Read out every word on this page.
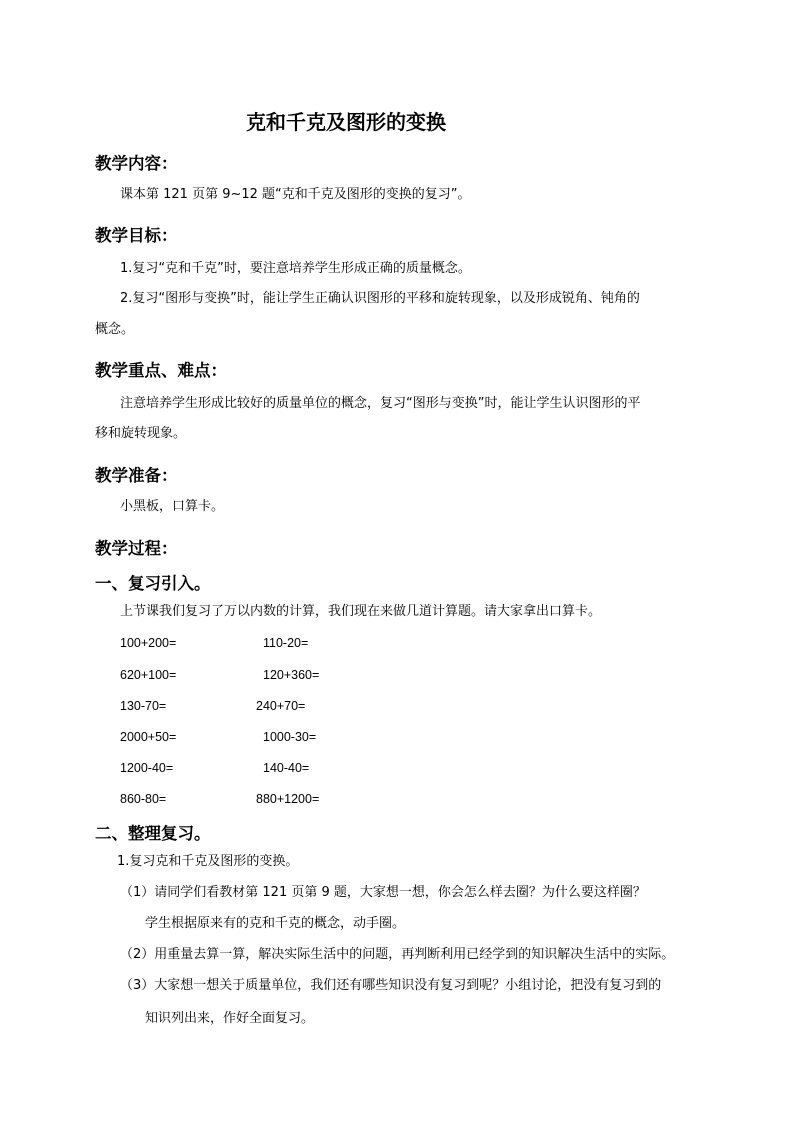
克和千克及图形的变换
教学内容：
课本第 121 页第 9~12 题“克和千克及图形的变换的复习”。
教学目标：
1.复习“克和千克”时，要注意培养学生形成正确的质量概念。
2.复习“图形与变换”时，能让学生正确认识图形的平移和旋转现象，以及形成锐角、钝角的
概念。
教学重点、难点：
注意培养学生形成比较好的质量单位的概念，复习“图形与变换”时，能让学生认识图形的平
移和旋转现象。
教学准备：
小黑板，口算卡。
教学过程：
一、复习引入。
上节课我们复习了万以内数的计算，我们现在来做几道计算题。请大家拿出口算卡。
100+200=	110-20=
620+100=	120+360=
130-70=	240+70=
2000+50=	1000-30=
1200-40=	140-40=
860-80=	880+1200=
二、整理复习。
1.复习克和千克及图形的变换。
（1）请同学们看教材第 121 页第 9 题，大家想一想，你会怎么样去圈？为什么要这样圈？
学生根据原来有的克和千克的概念，动手圈。
（2）用重量去算一算，解决实际生活中的问题，再判断利用已经学到的知识解决生活中的实际。
（3）大家想一想关于质量单位，我们还有哪些知识没有复习到呢？小组讨论，把没有复习到的
知识列出来，作好全面复习。
